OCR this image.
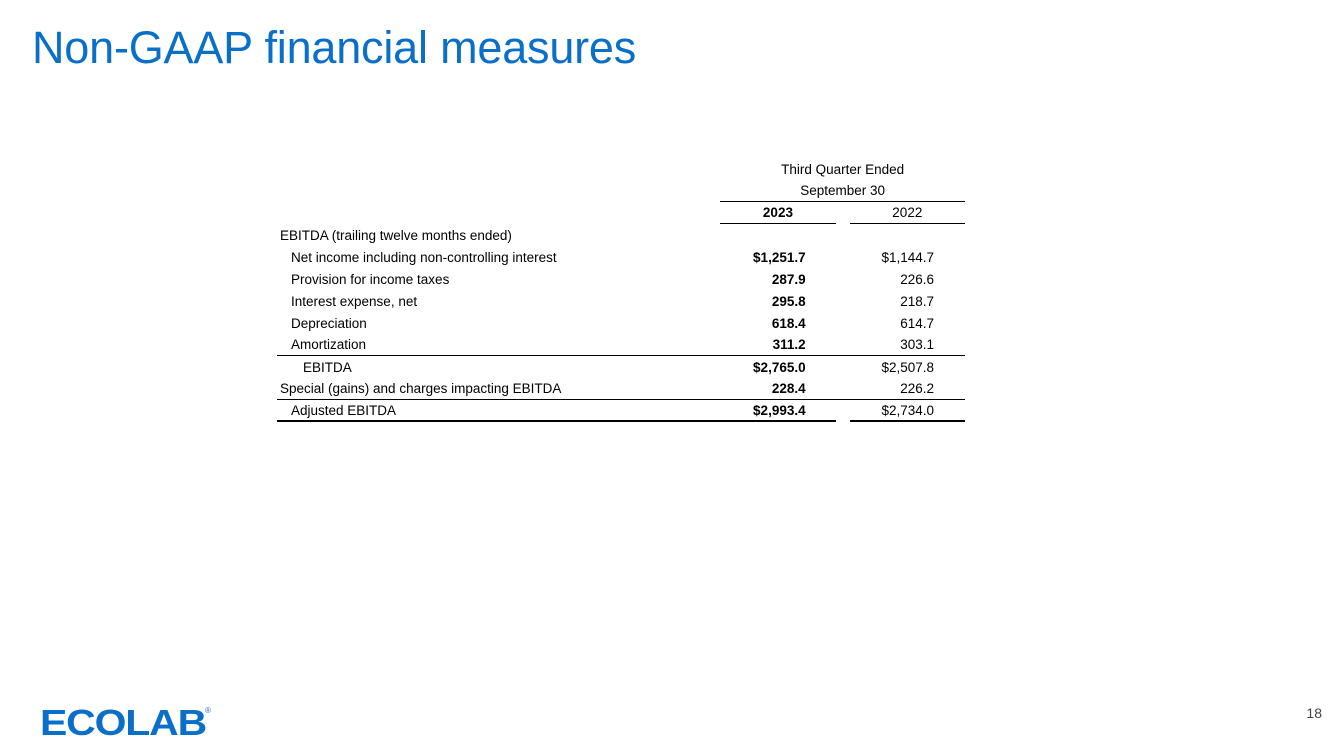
Non-GAAP financial measures
	Third Quarter Ended		
	September 30		
	2023		2022
EBITDA (trailing twelve months ended)			
Net income including non-controlling interest	$1,251.7		$1,144.7
Provision for income taxes	287.9		226.6
Interest expense, net	295.8		218.7
Depreciation	618.4		614.7
Amortization	311.2		303.1
EBITDA	$2,765.0		$2,507.8
Special (gains) and charges impacting EBITDA	228.4		226.2
Adjusted EBITDA	$2,993.4		$2,734.0
ECOLAB ®	18
